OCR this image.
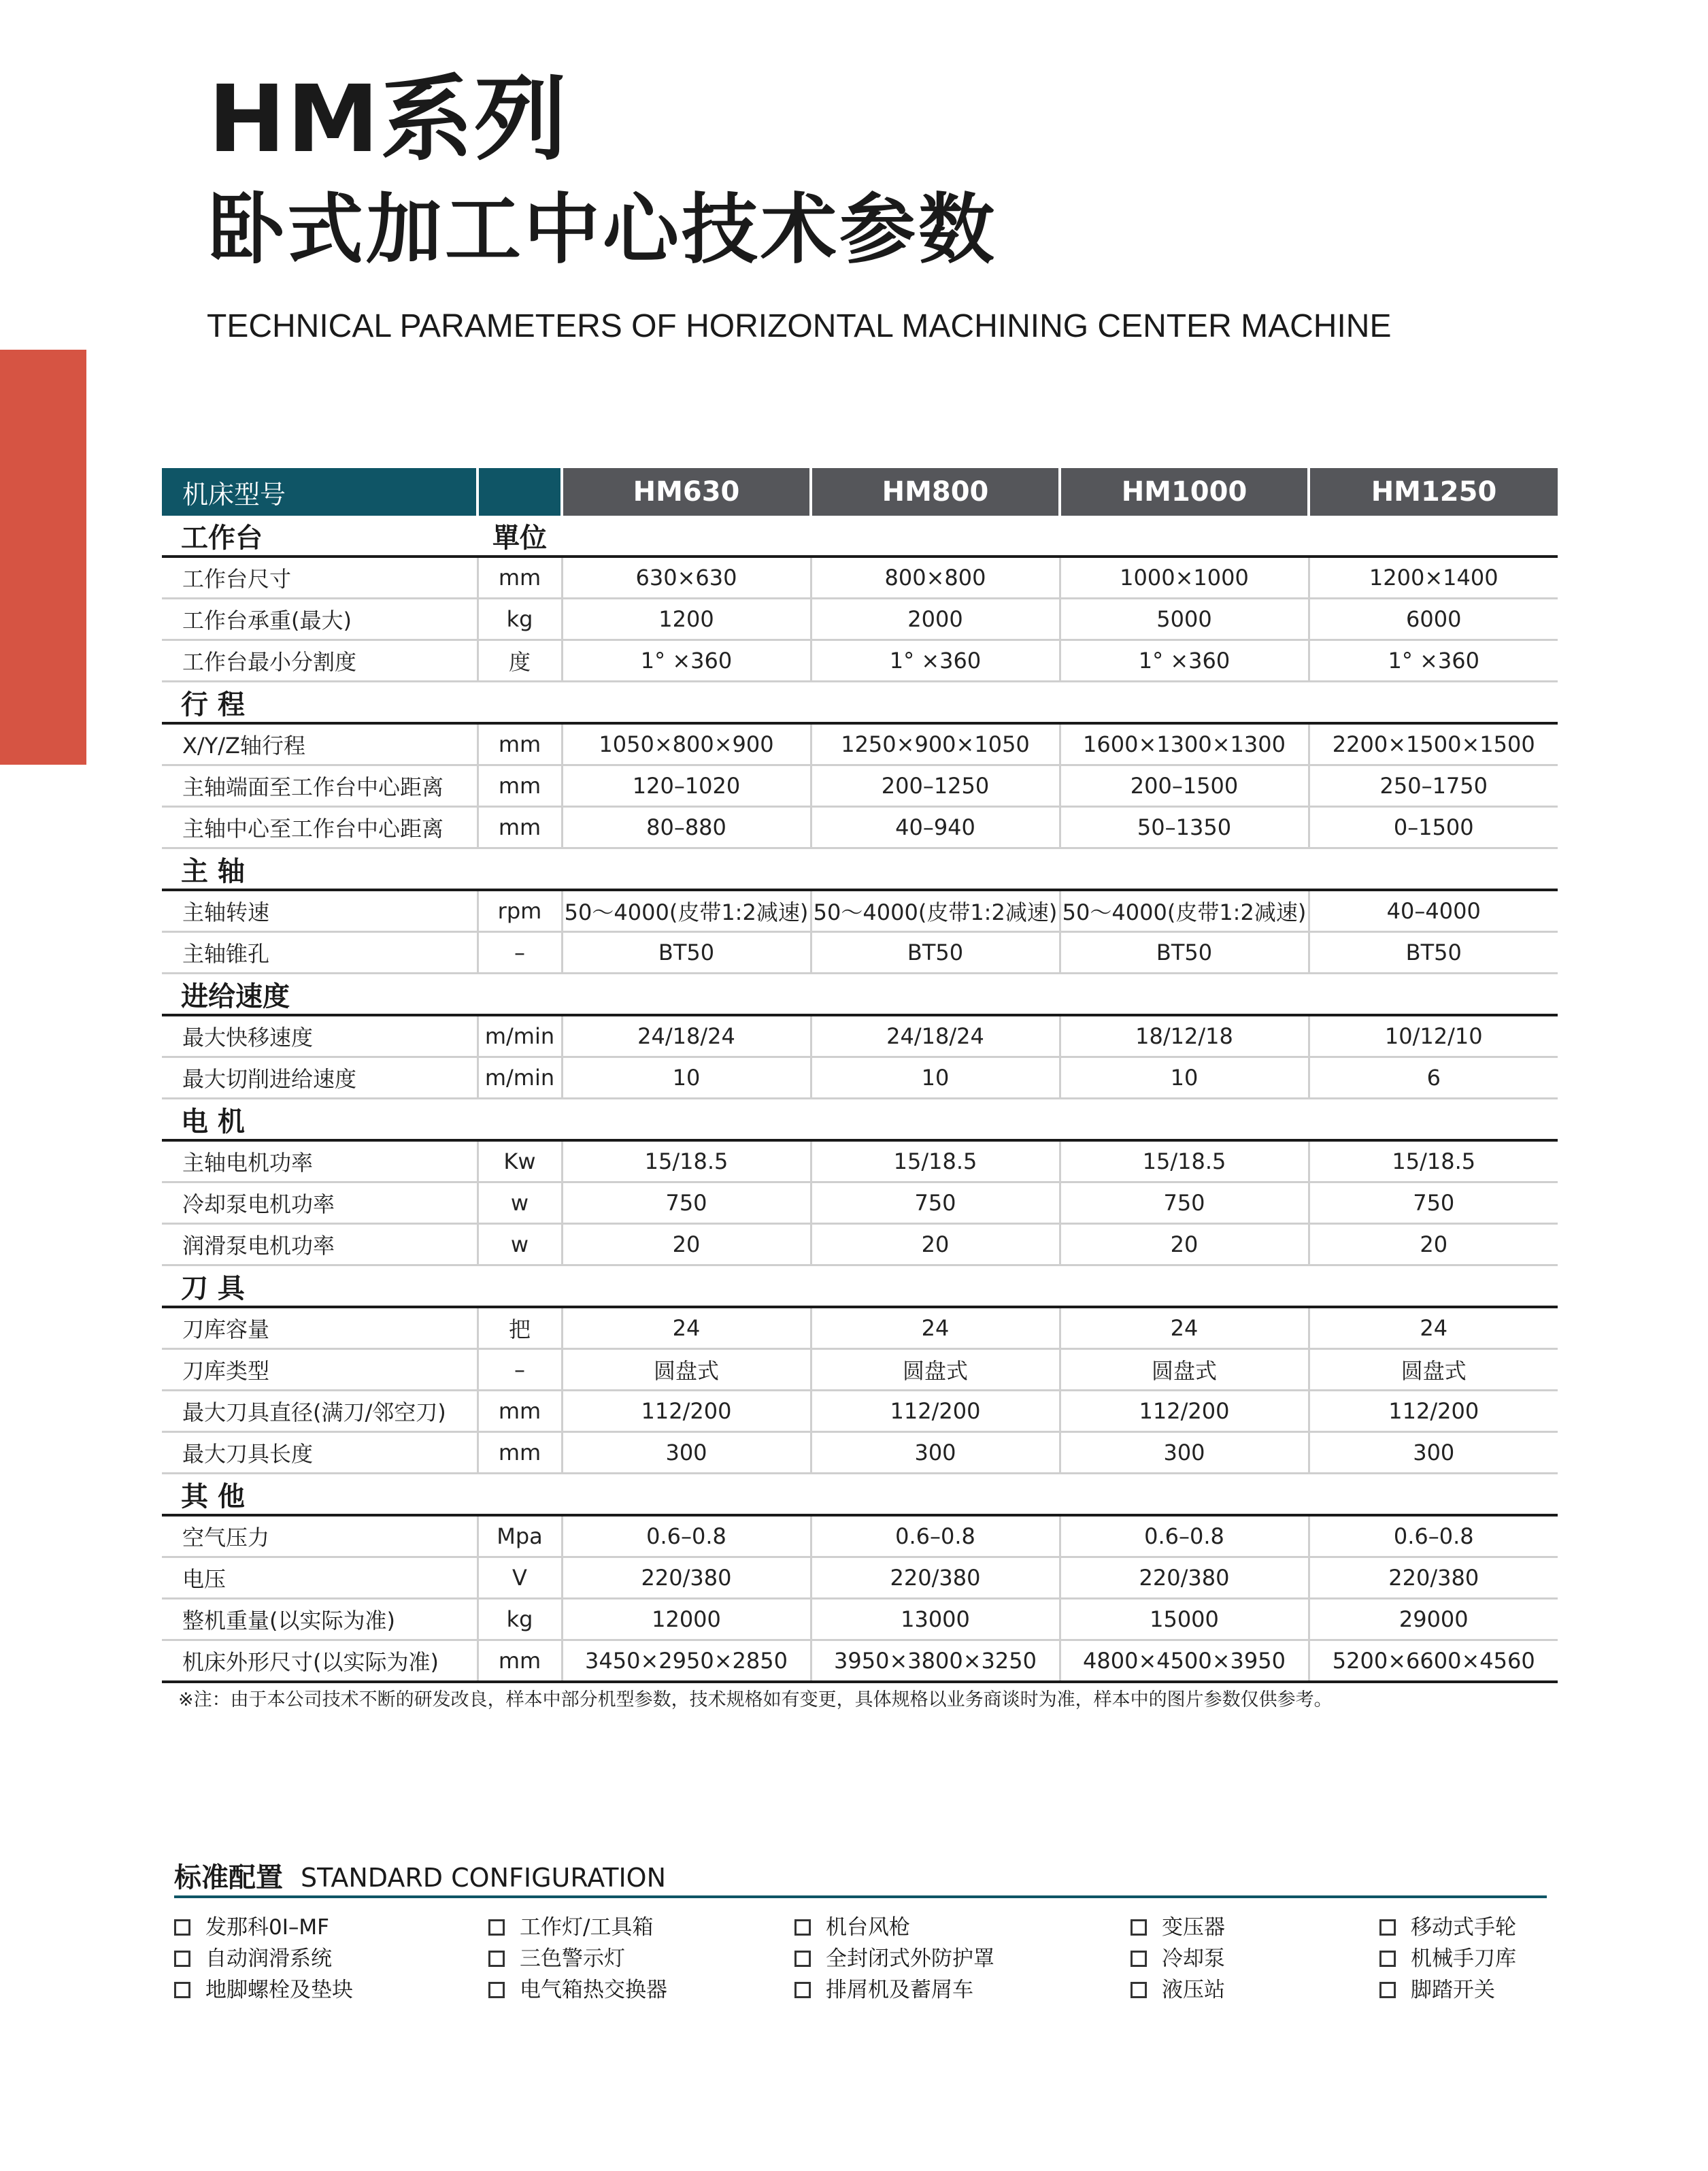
HM系列
卧式加工中心技术参数
TECHNICAL PARAMETERS OF HORIZONTAL MACHINING CENTER MACHINE
机床型号		HM630	HM800	HM1000	HM1250
工作台	單位				
工作台尺寸	mm	630×630	800×800	1000×1000	1200×1400
工作台承重(最大)	kg	1200	2000	5000	6000
工作台最小分割度	度	1° ×360	1° ×360	1° ×360	1° ×360
行 程					
X/Y/Z轴行程	mm	1050×800×900	1250×900×1050	1600×1300×1300	2200×1500×1500
主轴端面至工作台中心距离	mm	120–1020	200–1250	200–1500	250–1750
主轴中心至工作台中心距离	mm	80–880	40–940	50–1350	0–1500
主 轴					
主轴转速	rpm	50～4000(皮带1:2减速)	50～4000(皮带1:2减速)	50～4000(皮带1:2减速)	40–4000
主轴锥孔	–	BT50	BT50	BT50	BT50
进给速度					
最大快移速度	m/min	24/18/24	24/18/24	18/12/18	10/12/10
最大切削进给速度	m/min	10	10	10	6
电 机					
主轴电机功率	Kw	15/18.5	15/18.5	15/18.5	15/18.5
冷却泵电机功率	w	750	750	750	750
润滑泵电机功率	w	20	20	20	20
刀 具					
刀库容量	把	24	24	24	24
刀库类型	–	圆盘式	圆盘式	圆盘式	圆盘式
最大刀具直径(满刀/邻空刀)	mm	112/200	112/200	112/200	112/200
最大刀具长度	mm	300	300	300	300
其 他					
空气压力	Mpa	0.6–0.8	0.6–0.8	0.6–0.8	0.6–0.8
电压	V	220/380	220/380	220/380	220/380
整机重量(以实际为准)	kg	12000	13000	15000	29000
机床外形尺寸(以实际为准)	mm	3450×2950×2850	3950×3800×3250	4800×4500×3950	5200×6600×4560
※注：由于本公司技术不断的研发改良，样本中部分机型参数，技术规格如有变更，具体规格以业务商谈时为准，样本中的图片参数仅供参考。
标准配置 STANDARD CONFIGURATION
发那科0I–MF
自动润滑系统
地脚螺栓及垫块
工作灯/工具箱
三色警示灯
电气箱热交换器
机台风枪
全封闭式外防护罩
排屑机及蓄屑车
变压器
冷却泵
液压站
移动式手轮
机械手刀库
脚踏开关
